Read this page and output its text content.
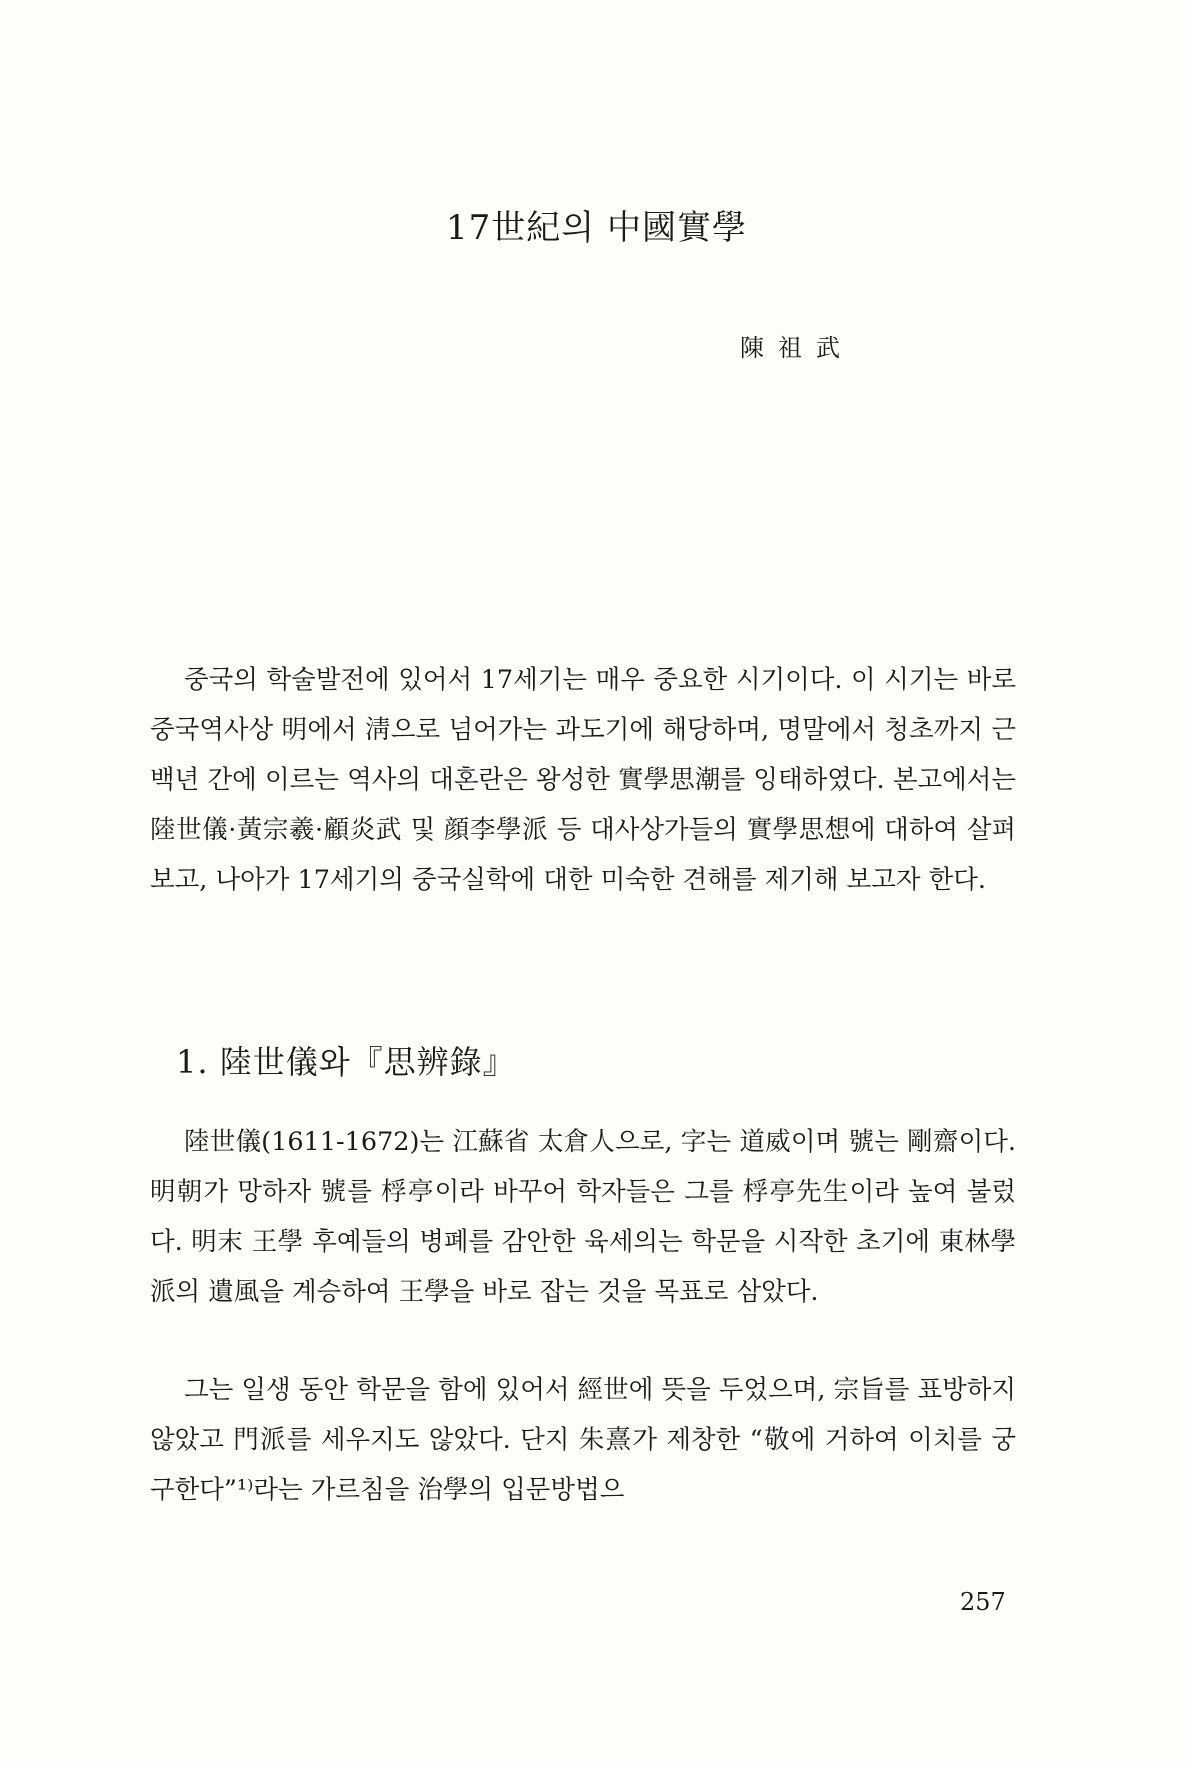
17世紀의 中國實學

陳祖武

중국의 학술발전에 있어서 17세기는 매우 중요한 시기이다. 이 시기는 바로 중국역사상 明에서 淸으로 넘어가는 과도기에 해당하며, 명말에서 청초까지 근 백년 간에 이르는 역사의 대혼란은 왕성한 實學思潮를 잉태하였다. 본고에서는 陸世儀·黃宗羲·顧炎武 및 顔李學派 등 대사상가들의 實學思想에 대하여 살펴보고, 나아가 17세기의 중국실학에 대한 미숙한 견해를 제기해 보고자 한다.

1. 陸世儀와『思辨錄』

陸世儀(1611-1672)는 江蘇省 太倉人으로, 字는 道威이며 號는 剛齋이다. 明朝가 망하자 號를 桴亭이라 바꾸어 학자들은 그를 桴亭先生이라 높여 불렀다. 明末 王學 후예들의 병폐를 감안한 육세의는 학문을 시작한 초기에 東林學派의 遺風을 계승하여 王學을 바로 잡는 것을 목표로 삼았다.

그는 일생 동안 학문을 함에 있어서 經世에 뜻을 두었으며, 宗旨를 표방하지 않았고 門派를 세우지도 않았다. 단지 朱熹가 제창한 “敬에 거하여 이치를 궁구한다”¹⁾라는 가르침을 治學의 입문방법으

257
